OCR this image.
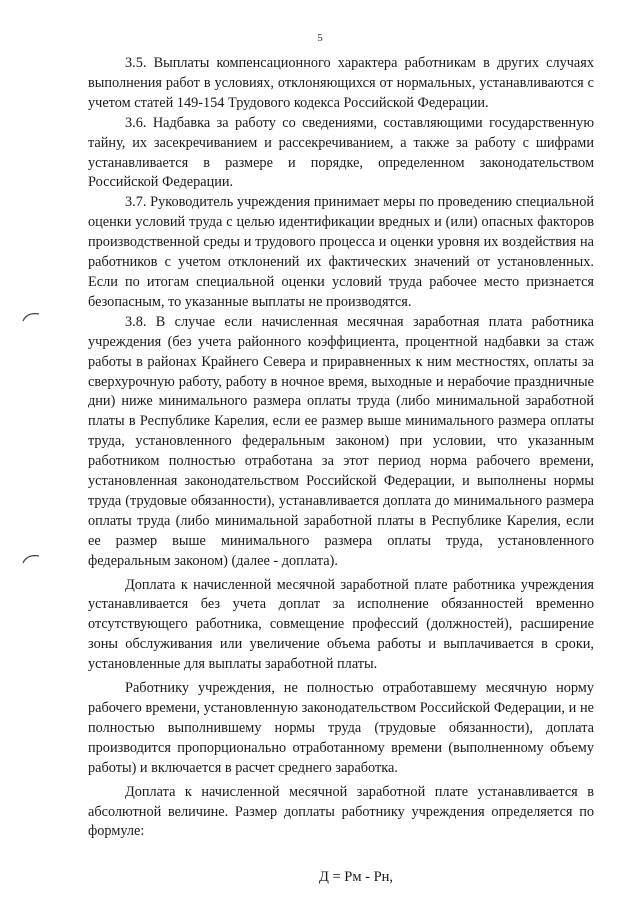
5

3.5. Выплаты компенсационного характера работникам в других случаях выполнения работ в условиях, отклоняющихся от нормальных, устанавливаются с учетом статей 149-154 Трудового кодекса Российской Федерации.

3.6. Надбавка за работу со сведениями, составляющими государственную тайну, их засекречиванием и рассекречиванием, а также за работу с шифрами устанавливается в размере и порядке, определенном законодательством Российской Федерации.

3.7. Руководитель учреждения принимает меры по проведению специальной оценки условий труда с целью идентификации вредных и (или) опасных факторов производственной среды и трудового процесса и оценки уровня их воздействия на работников с учетом отклонений их фактических значений от установленных. Если по итогам специальной оценки условий труда рабочее место признается безопасным, то указанные выплаты не производятся.

3.8. В случае если начисленная месячная заработная плата работника учреждения (без учета районного коэффициента, процентной надбавки за стаж работы в районах Крайнего Севера и приравненных к ним местностях, оплаты за сверхурочную работу, работу в ночное время, выходные и нерабочие праздничные дни) ниже минимального размера оплаты труда (либо минимальной заработной платы в Республике Карелия, если ее размер выше минимального размера оплаты труда, установленного федеральным законом) при условии, что указанным работником полностью отработана за этот период норма рабочего времени, установленная законодательством Российской Федерации, и выполнены нормы труда (трудовые обязанности), устанавливается доплата до минимального размера оплаты труда (либо минимальной заработной платы в Республике Карелия, если ее размер выше минимального размера оплаты труда, установленного федеральным законом) (далее - доплата).

Доплата к начисленной месячной заработной плате работника учреждения устанавливается без учета доплат за исполнение обязанностей временно отсутствующего работника, совмещение профессий (должностей), расширение зоны обслуживания или увеличение объема работы и выплачивается в сроки, установленные для выплаты заработной платы.

Работнику учреждения, не полностью отработавшему месячную норму рабочего времени, установленную законодательством Российской Федерации, и не полностью выполнившему нормы труда (трудовые обязанности), доплата производится пропорционально отработанному времени (выполненному объему работы) и включается в расчет среднего заработка.

Доплата к начисленной месячной заработной плате устанавливается в абсолютной величине. Размер доплаты работнику учреждения определяется по формуле:

Д = Рм - Рн,
